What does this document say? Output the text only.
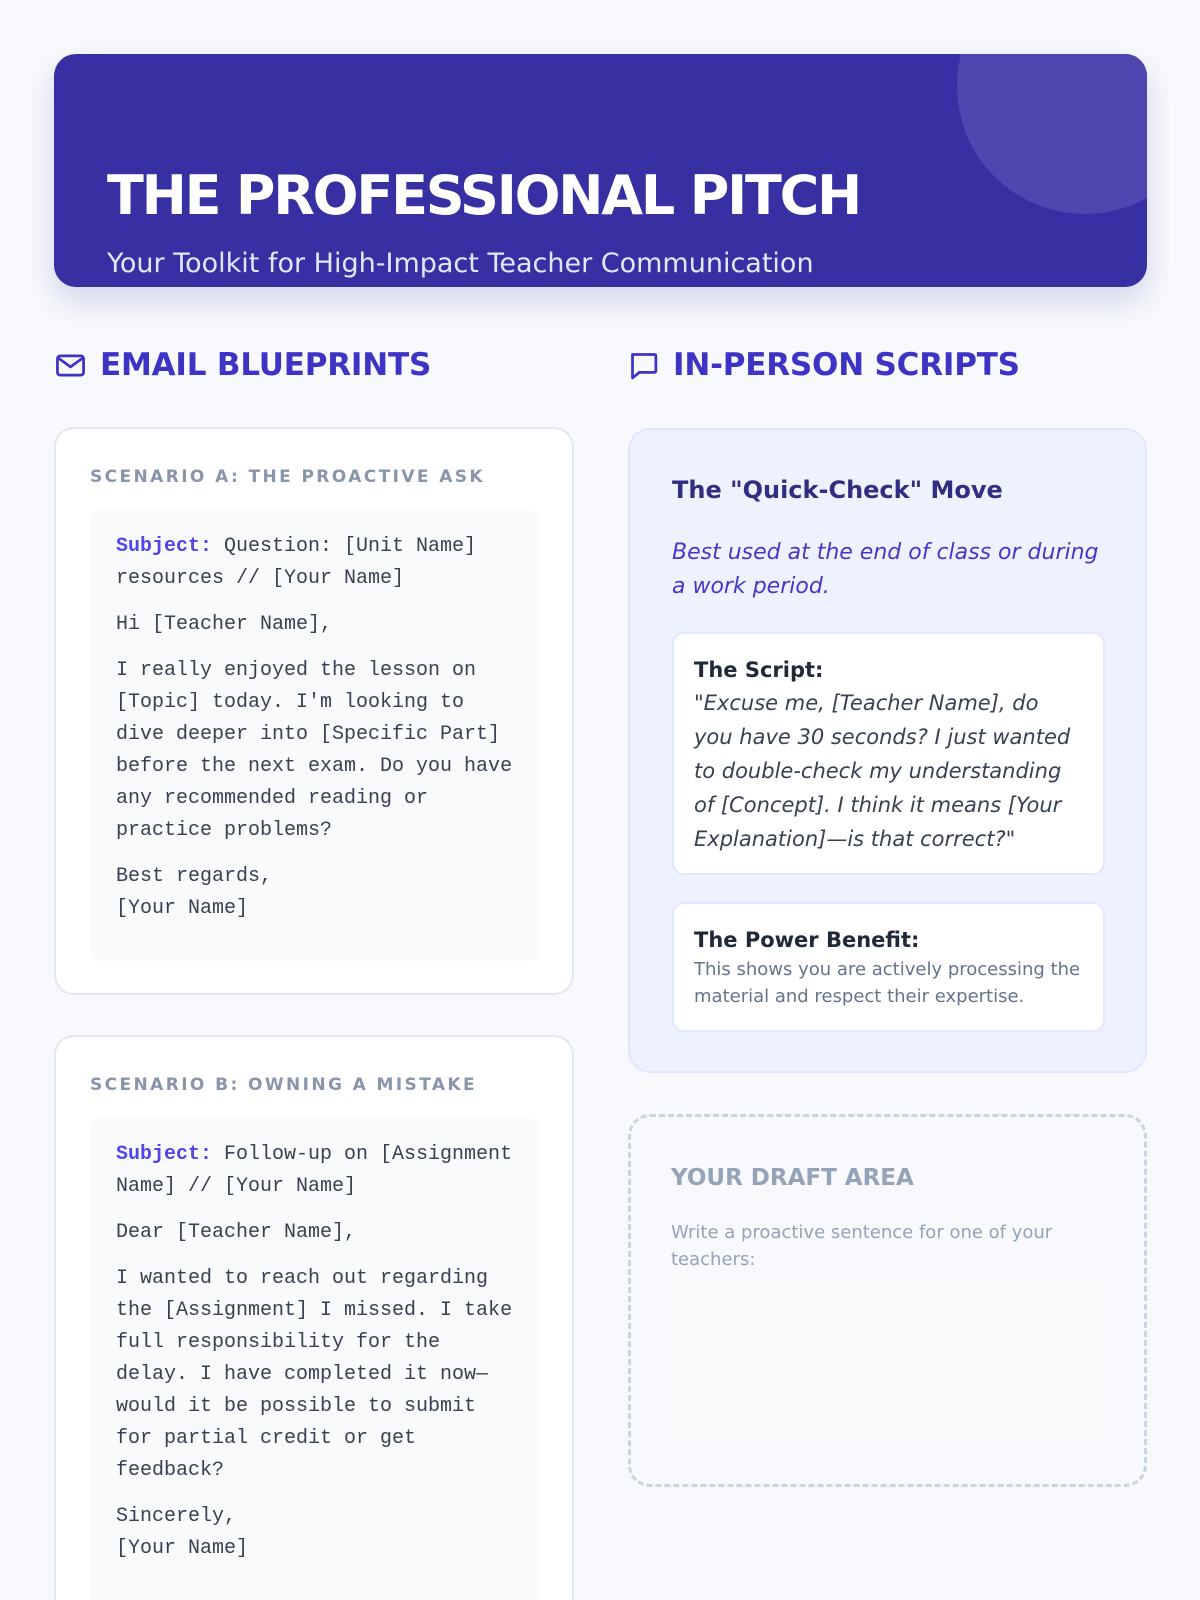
THE PROFESSIONAL PITCH

Your Toolkit for High-Impact Teacher Communication

EMAIL BLUEPRINTS	IN-PERSON SCRIPTS
SCENARIO A: THE PROACTIVE ASK

Subject: Question: [Unit Name] resources // [Your Name]

Hi [Teacher Name],

I really enjoyed the lesson on [Topic] today. I'm looking to dive deeper into [Specific Part] before the next exam. Do you have any recommended reading or practice problems?

Best regards,
[Your Name]

SCENARIO B: OWNING A MISTAKE

Subject: Follow-up on [Assignment Name] // [Your Name]

Dear [Teacher Name],

I wanted to reach out regarding the [Assignment] I missed. I take full responsibility for the delay. I have completed it now—would it be possible to submit for partial credit or get feedback?

Sincerely,
[Your Name]

The "Quick-Check" Move

Best used at the end of class or during a work period.

The Script:
"Excuse me, [Teacher Name], do you have 30 seconds? I just wanted to double-check my understanding of [Concept]. I think it means [Your Explanation]—is that correct?"
The Power Benefit:
This shows you are actively processing the material and respect their expertise.
YOUR DRAFT AREA

Write a proactive sentence for one of your teachers:
